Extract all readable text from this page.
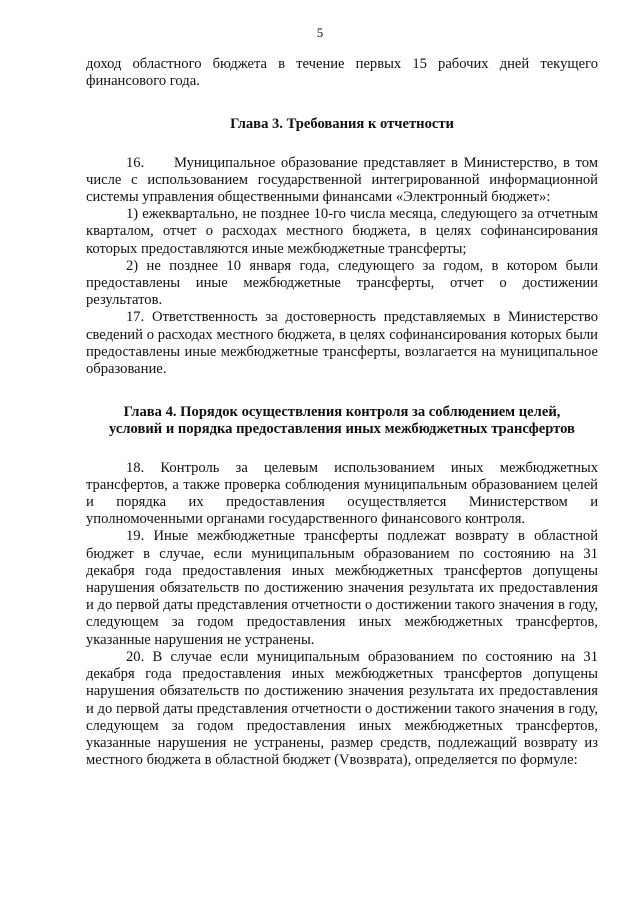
5

доход областного бюджета в течение первых 15 рабочих дней текущего финансового года.

Глава 3. Требования к отчетности

16. Муниципальное образование представляет в Министерство, в том числе с использованием государственной интегрированной информационной системы управления общественными финансами «Электронный бюджет»:

1) ежеквартально, не позднее 10-го числа месяца, следующего за отчетным кварталом, отчет о расходах местного бюджета, в целях софинансирования которых предоставляются иные межбюджетные трансферты;

2) не позднее 10 января года, следующего за годом, в котором были предоставлены иные межбюджетные трансферты, отчет о достижении результатов.

17. Ответственность за достоверность представляемых в Министерство сведений о расходах местного бюджета, в целях софинансирования которых были предоставлены иные межбюджетные трансферты, возлагается на муниципальное образование.

Глава 4. Порядок осуществления контроля за соблюдением целей,
условий и порядка предоставления иных межбюджетных трансфертов

18. Контроль за целевым использованием иных межбюджетных трансфертов, а также проверка соблюдения муниципальным образованием целей и порядка их предоставления осуществляется Министерством и уполномоченными органами государственного финансового контроля.

19. Иные межбюджетные трансферты подлежат возврату в областной бюджет в случае, если муниципальным образованием по состоянию на 31 декабря года предоставления иных межбюджетных трансфертов допущены нарушения обязательств по достижению значения результата их предоставления и до первой даты представления отчетности о достижении такого значения в году, следующем за годом предоставления иных межбюджетных трансфертов, указанные нарушения не устранены.

20. В случае если муниципальным образованием по состоянию на 31 декабря года предоставления иных межбюджетных трансфертов допущены нарушения обязательств по достижению значения результата их предоставления и до первой даты представления отчетности о достижении такого значения в году, следующем за годом предоставления иных межбюджетных трансфертов, указанные нарушения не устранены, размер средств, подлежащий возврату из местного бюджета в областной бюджет (Vвозврата), определяется по формуле:
